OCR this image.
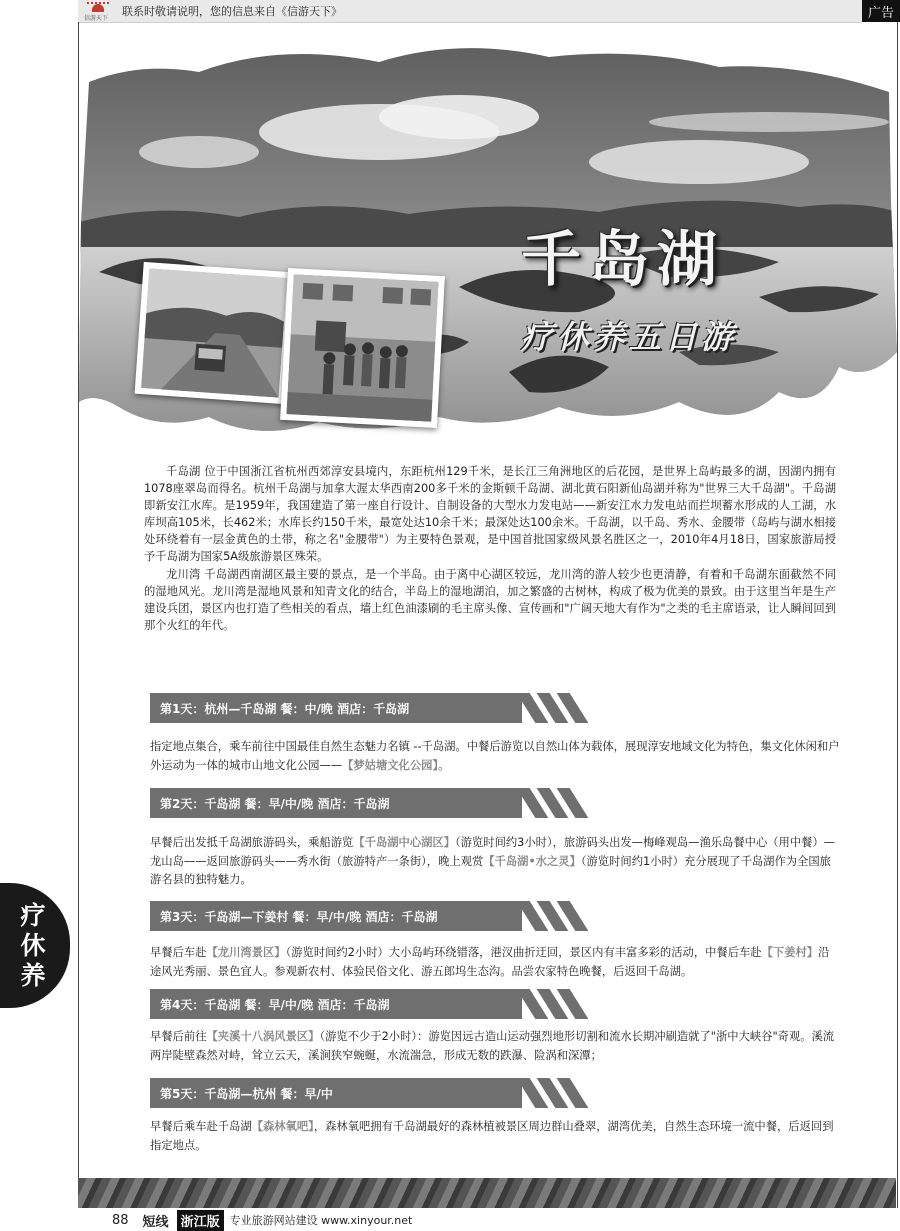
信游天下
联系时敬请说明，您的信息来自《信游天下》	广告
千岛湖
疗休养五日游

千岛湖 位于中国浙江省杭州西郊淳安县境内，东距杭州129千米，是长江三角洲地区的后花园，是世界上岛屿最多的湖，因湖内拥有1078座翠岛而得名。杭州千岛湖与加拿大渥太华西南200多千米的金斯顿千岛湖、湖北黄石阳新仙岛湖并称为"世界三大千岛湖"。千岛湖即新安江水库。是1959年，我国建造了第一座自行设计、自制设备的大型水力发电站——新安江水力发电站而拦坝蓄水形成的人工湖，水库坝高105米，长462米；水库长约150千米，最宽处达10余千米；最深处达100余米。千岛湖，以千岛、秀水、金腰带（岛屿与湖水相接处环绕着有一层金黄色的土带，称之名"金腰带"）为主要特色景观，是中国首批国家级风景名胜区之一，2010年4月18日，国家旅游局授予千岛湖为国家5A级旅游景区殊荣。

龙川湾 千岛湖西南湖区最主要的景点，是一个半岛。由于离中心湖区较远，龙川湾的游人较少也更清静，有着和千岛湖东面截然不同的湿地风光。龙川湾是湿地风景和知青文化的结合，半岛上的湿地湖泊，加之繁盛的古树林，构成了极为优美的景致。由于这里当年是生产建设兵团，景区内也打造了些相关的看点，墙上红色油漆刷的毛主席头像、宣传画和"广阔天地大有作为"之类的毛主席语录，让人瞬间回到那个火红的年代。

第1天：杭州—千岛湖 餐：中/晚 酒店：千岛湖
指定地点集合，乘车前往中国最佳自然生态魅力名镇 --千岛湖。中餐后游览以自然山体为载体，展现淳安地域文化为特色，集文化休闲和户外运动为一体的城市山地文化公园——【梦姑塘文化公园】。
第2天：千岛湖 餐：早/中/晚 酒店：千岛湖
早餐后出发抵千岛湖旅游码头，乘船游览【千岛湖中心湖区】（游览时间约3小时），旅游码头出发—梅峰观岛—渔乐岛餐中心（用中餐）—龙山岛——返回旅游码头——秀水街（旅游特产一条街），晚上观赏【千岛湖•水之灵】（游览时间约1小时）充分展现了千岛湖作为全国旅游名县的独特魅力。
第3天：千岛湖—下姜村 餐：早/中/晚 酒店：千岛湖
早餐后车赴【龙川湾景区】（游览时间约2小时）大小岛屿环绕错落，港汊曲折迂回，景区内有丰富多彩的活动，中餐后车赴【下姜村】沿途风光秀丽、景色宜人。参观新农村、体验民俗文化、游五郎坞生态沟。品尝农家特色晚餐，后返回千岛湖。
第4天：千岛湖 餐：早/中/晚 酒店：千岛湖
早餐后前往【夹溪十八涡风景区】（游览不少于2小时）：游览因远古造山运动强烈地形切割和流水长期冲刷造就了"浙中大峡谷"奇观。溪流两岸陡壁森然对峙，耸立云天，溪涧狭窄蜿蜒，水流湍急，形成无数的跌瀑、险涡和深潭；
第5天：千岛湖—杭州 餐：早/中
早餐后乘车赴千岛湖【森林氧吧】，森林氧吧拥有千岛湖最好的森林植被景区周边群山叠翠，湖湾优美，自然生态环境一流中餐，后返回到指定地点。
疗
休
养
88 短线 浙江版 专业旅游网站建设 www.xinyour.net
